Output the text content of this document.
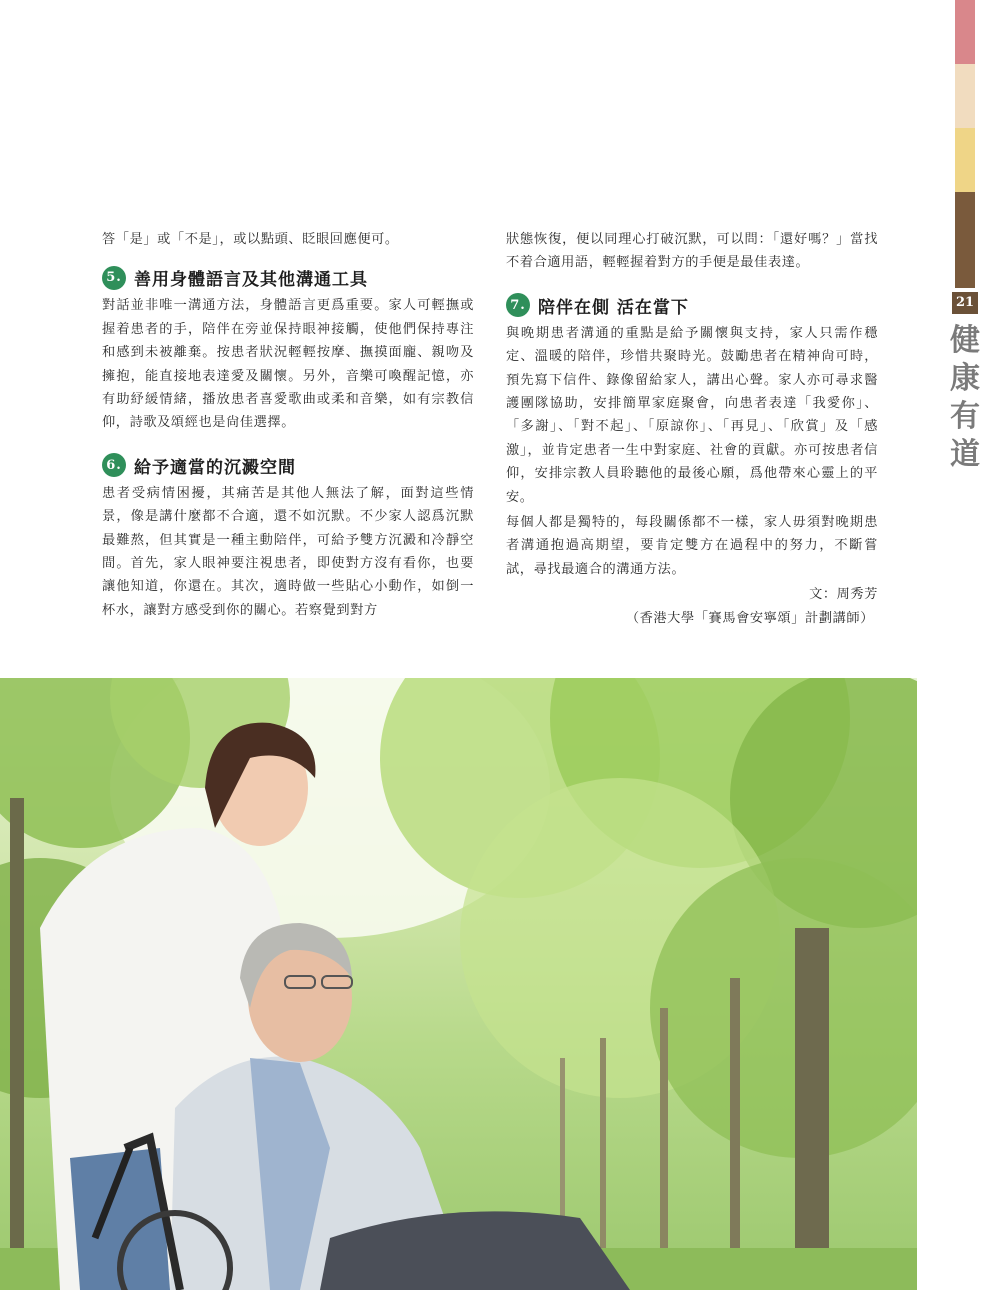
答「是」或「不是」，或以點頭、眨眼回應便可。

5. 善用身體語言及其他溝通工具

對話並非唯一溝通方法，身體語言更爲重要。家人可輕撫或握着患者的手，陪伴在旁並保持眼神接觸，使他們保持專注和感到未被離棄。按患者狀況輕輕按摩、撫摸面龐、親吻及擁抱，能直接地表達愛及關懷。另外，音樂可喚醒記憶，亦有助紓緩情緒，播放患者喜愛歌曲或柔和音樂，如有宗教信仰，詩歌及頌經也是尙佳選擇。

6. 給予適當的沉澱空間

患者受病情困擾，其痛苦是其他人無法了解，面對這些情景，像是講什麼都不合適，還不如沉默。不少家人認爲沉默最難熬，但其實是一種主動陪伴，可給予雙方沉澱和冷靜空間。首先，家人眼神要注視患者，即使對方沒有看你，也要讓他知道，你還在。其次，適時做一些貼心小動作，如倒一杯水，讓對方感受到你的關心。若察覺到對方

狀態恢復，便以同理心打破沉默，可以問：「還好嗎？」當找不着合適用語，輕輕握着對方的手便是最佳表達。

7. 陪伴在側 活在當下

與晚期患者溝通的重點是給予關懷與支持，家人只需作穩定、溫暖的陪伴，珍惜共聚時光。鼓勵患者在精神尙可時，預先寫下信件、錄像留給家人，講出心聲。家人亦可尋求醫護團隊協助，安排簡單家庭聚會，向患者表達「我愛你」、「多謝」、「對不起」、「原諒你」、「再見」、「欣賞」及「感激」，並肯定患者一生中對家庭、社會的貢獻。亦可按患者信仰，安排宗教人員聆聽他的最後心願，爲他帶來心靈上的平安。

每個人都是獨特的，每段關係都不一樣，家人毋須對晚期患者溝通抱過高期望，要肯定雙方在過程中的努力，不斷嘗試，尋找最適合的溝通方法。

文：周秀芳

（香港大學「賽馬會安寧頌」計劃講師）

21
健
康
有
道
